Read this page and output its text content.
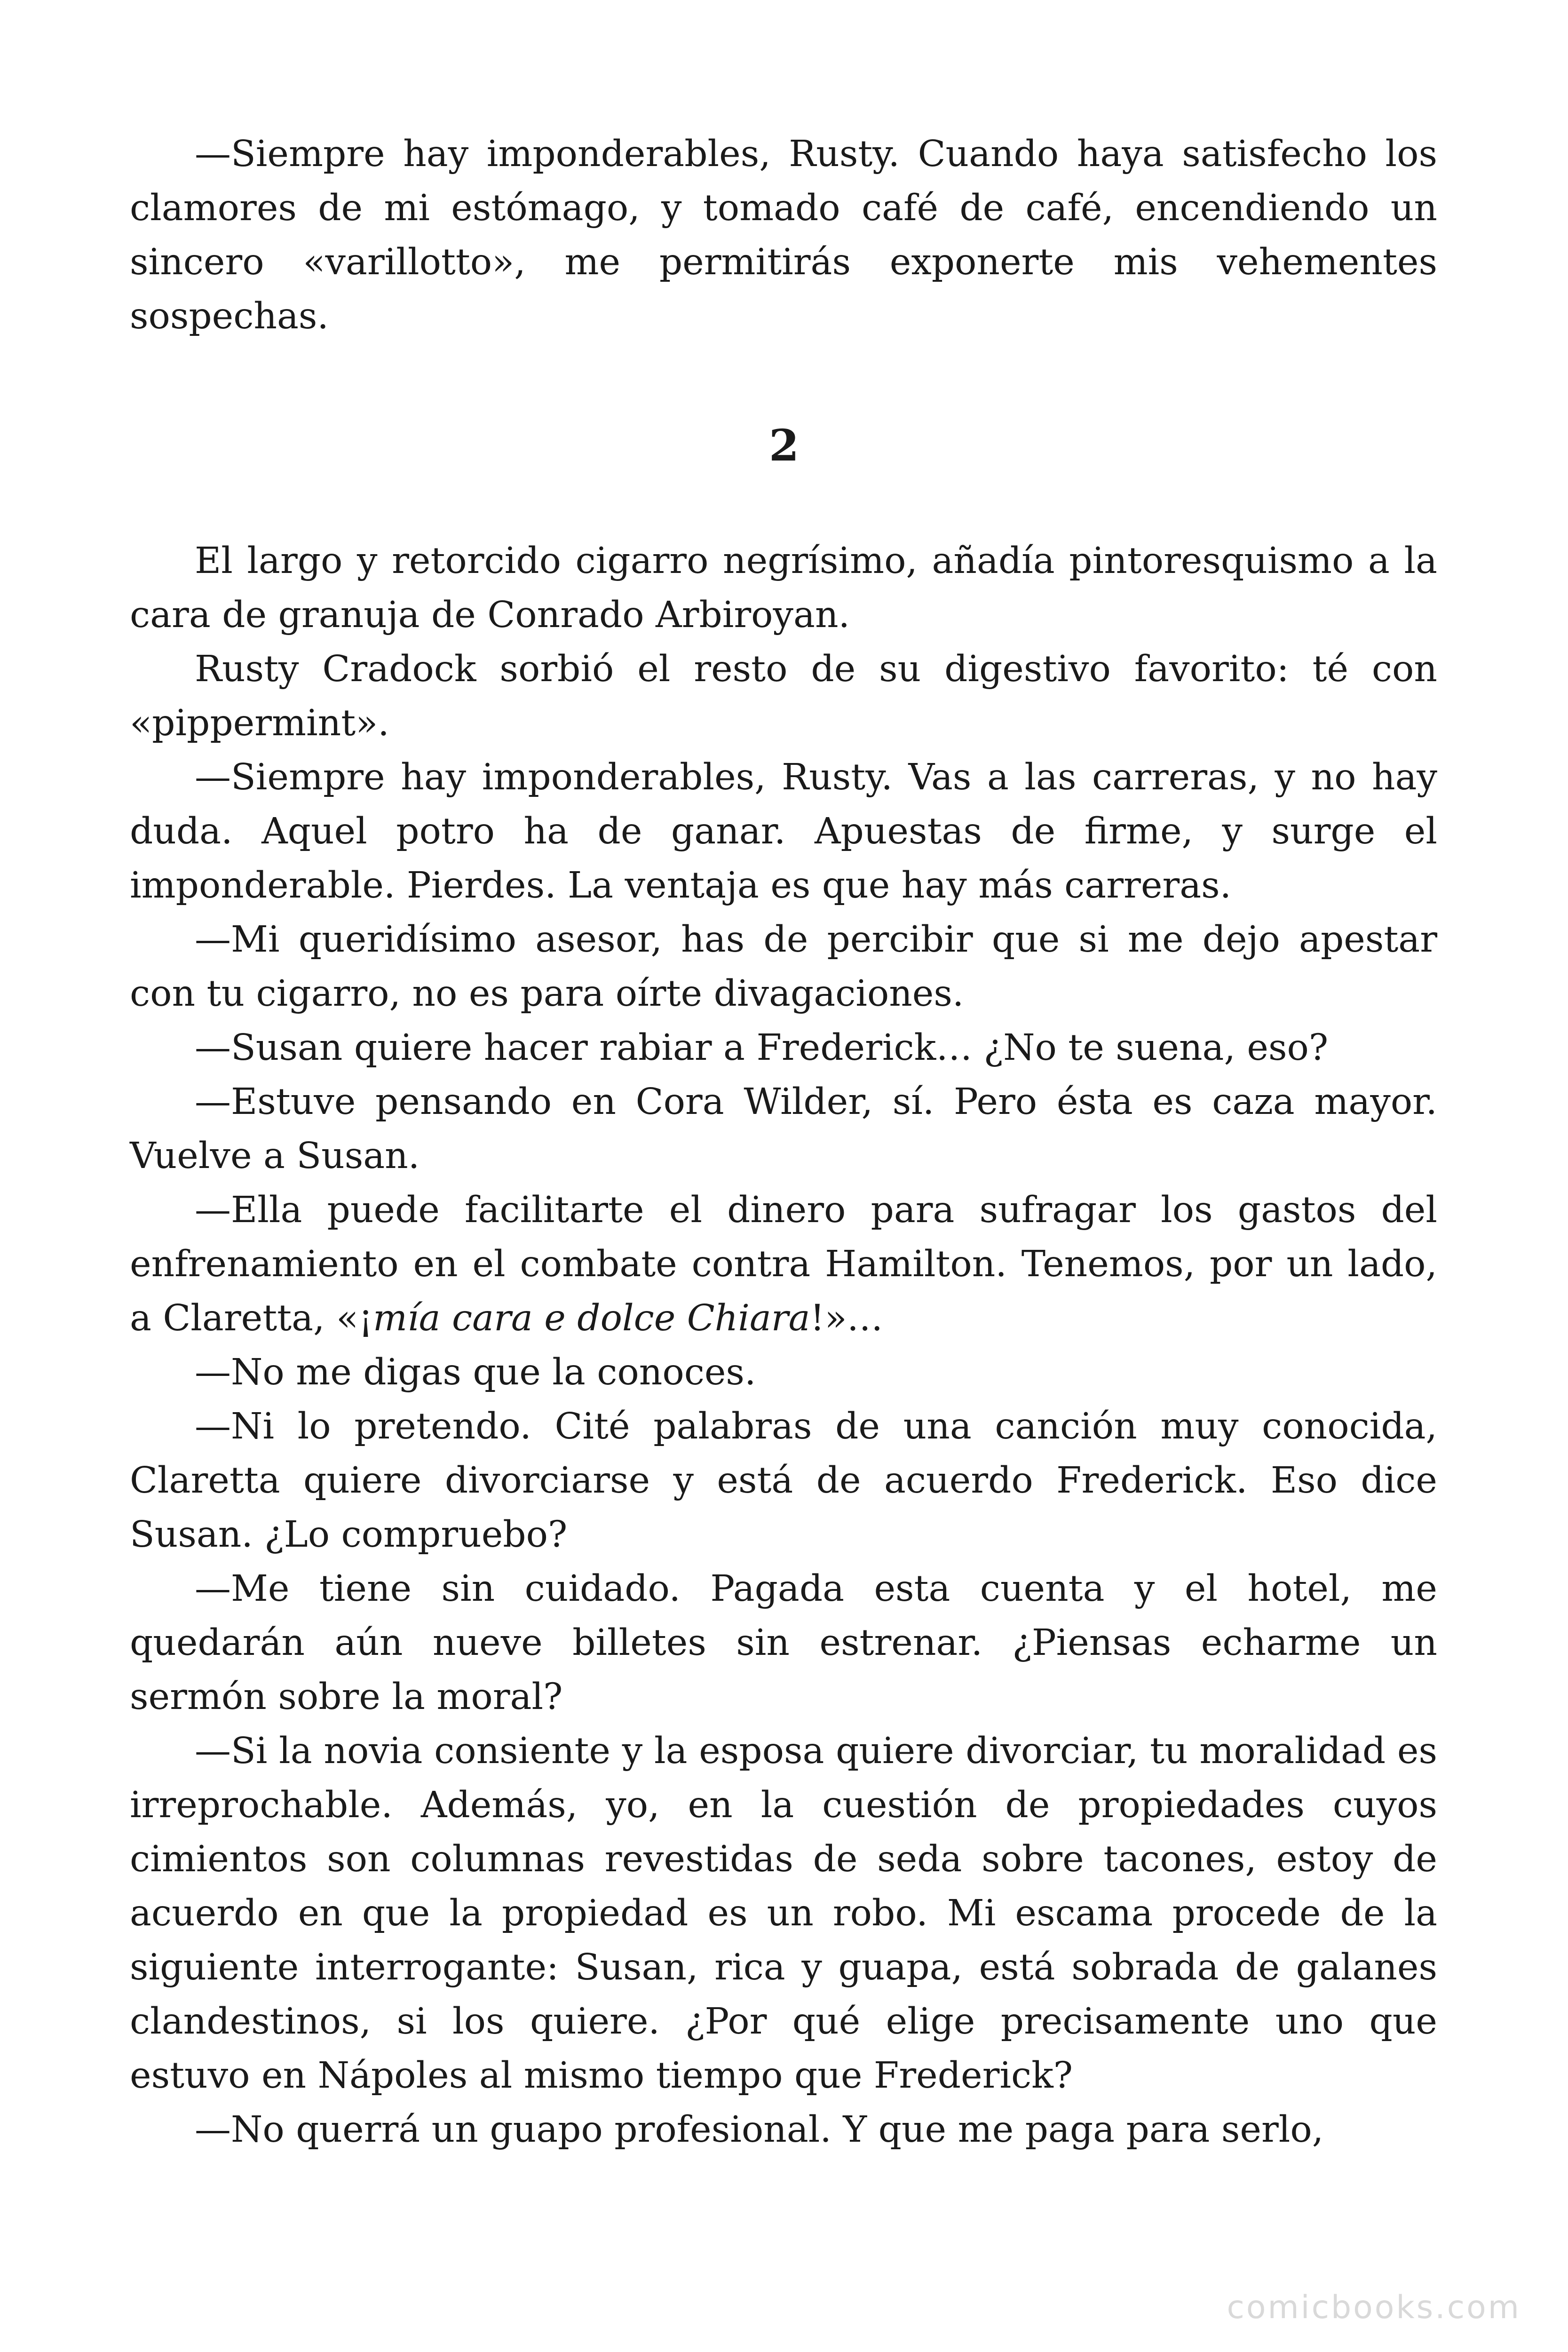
—Siempre hay imponderables, Rusty. Cuando haya satisfecho los clamores de mi estómago, y tomado café de café, encendiendo un sincero «varillotto», me permitirás exponerte mis vehementes sospechas.

2

El largo y retorcido cigarro negrísimo, añadía pintoresquismo a la cara de granuja de Conrado Arbiroyan.

Rusty Cradock sorbió el resto de su digestivo favorito: té con «pippermint».

—Siempre hay imponderables, Rusty. Vas a las carreras, y no hay duda. Aquel potro ha de ganar. Apuestas de firme, y surge el imponderable. Pierdes. La ventaja es que hay más carreras.

—Mi queridísimo asesor, has de percibir que si me dejo apestar con tu cigarro, no es para oírte divagaciones.

—Susan quiere hacer rabiar a Frederick… ¿No te suena, eso?

—Estuve pensando en Cora Wilder, sí. Pero ésta es caza mayor. Vuelve a Susan.

—Ella puede facilitarte el dinero para sufragar los gastos del enfrenamiento en el combate contra Hamilton. Tenemos, por un lado, a Claretta, «¡mía cara e dolce Chiara!»…

—No me digas que la conoces.

—Ni lo pretendo. Cité palabras de una canción muy conocida, Claretta quiere divorciarse y está de acuerdo Frederick. Eso dice Susan. ¿Lo compruebo?

—Me tiene sin cuidado. Pagada esta cuenta y el hotel, me quedarán aún nueve billetes sin estrenar. ¿Piensas echarme un sermón sobre la moral?

—Si la novia consiente y la esposa quiere divorciar, tu moralidad es irreprochable. Además, yo, en la cuestión de propiedades cuyos cimientos son columnas revestidas de seda sobre tacones, estoy de acuerdo en que la propiedad es un robo. Mi escama procede de la siguiente interrogante: Susan, rica y guapa, está sobrada de galanes clandestinos, si los quiere. ¿Por qué elige precisamente uno que estuvo en Nápoles al mismo tiempo que Frederick?

—No querrá un guapo profesional. Y que me paga para serlo,

comicbooks.com
